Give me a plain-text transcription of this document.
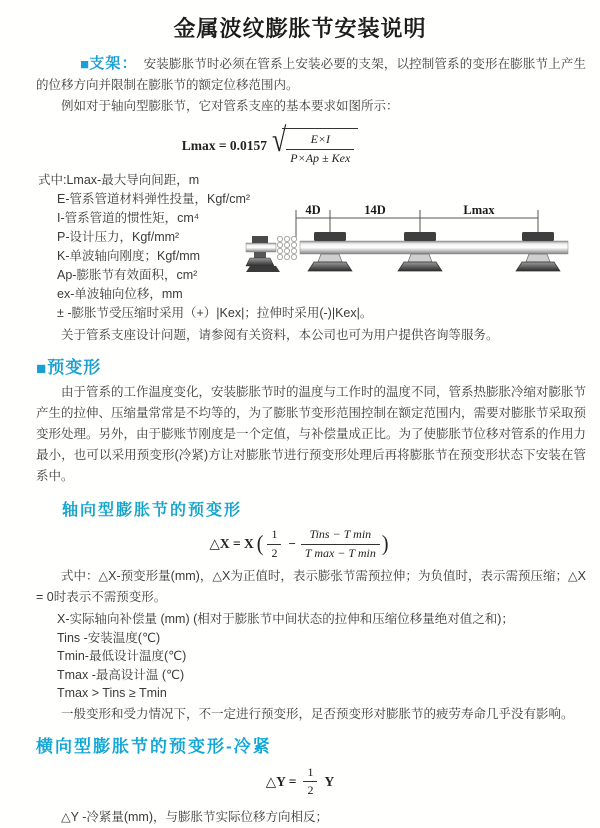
金属波纹膨胀节安装说明

■支架： 安装膨胀节时必须在管系上安装必要的支架，以控制管系的变形在膨胀节上产生的位移方向并限制在膨胀节的额定位移范围内。

例如对于轴向型膨胀节，它对管系支座的基本要求如图所示：

Lmax = 0.0157 √ $\frac{E\times I}{\text{P×Ap ± Kex}}$
式中:Lmax-最大导向间距，m
E-管系管道材料弹性投量，Kgf/cm²
I-管系管道的惯性矩，cm⁴
P-设计压力，Kgf/mm²
K-单波轴向刚度；Kgf/mm
Ap-膨胀节有效面积，cm²
ex-单波轴向位移，mm
± -膨胀节受压缩时采用（+）|Kex|；拉伸时采用(-)|Kex|。

关于管系支座设计问题，请参阅有关资料，本公司也可为用户提供咨询等服务。

4D	14D	Lmax
■预变形

由于管系的工作温度变化，安装膨胀节时的温度与工作时的温度不同，管系热膨胀冷缩对膨胀节产生的拉伸、压缩量常常是不均等的，为了膨胀节变形范围控制在额定范围内，需要对膨胀节采取预变形处理。另外，由于膨账节刚度是一个定值，与补偿量成正比。为了使膨胀节位移对管系的作用力最小，也可以采用预变形(冷紧)方让对膨胀节进行预变形处理后再将膨胀节在预变形状态下安装在管系中。

轴向型膨胀节的预变形
△X = X ( $\frac{1}{2} - \frac{\text{Tins − T min}}{\text{T max − T min}}$ )

式中：△X-预变形量(mm)，△X为正值时，表示膨张节需预拉伸；为负值时，表示需预压缩；△X = 0时表示不需预变形。

X-实际轴向补偿量 (mm) (相对于膨胀节中间状态的拉伸和压缩位移量绝对值之和)；
Tins -安装温度(℃)
Tmin-最低设计温度(℃)
Tmax -最高设计温 (℃)
Tmax > Tins ≥ Tmin

一般变形和受力情况下，不一定进行预变形，足否预变形对膨胀节的疲劳寿命几乎没有影响。

横向型膨胀节的预变形-冷紧
△Y = $\frac{1}{2}$ Y

△Y -冷紧量(mm)，与膨胀节实际位移方向相反；
